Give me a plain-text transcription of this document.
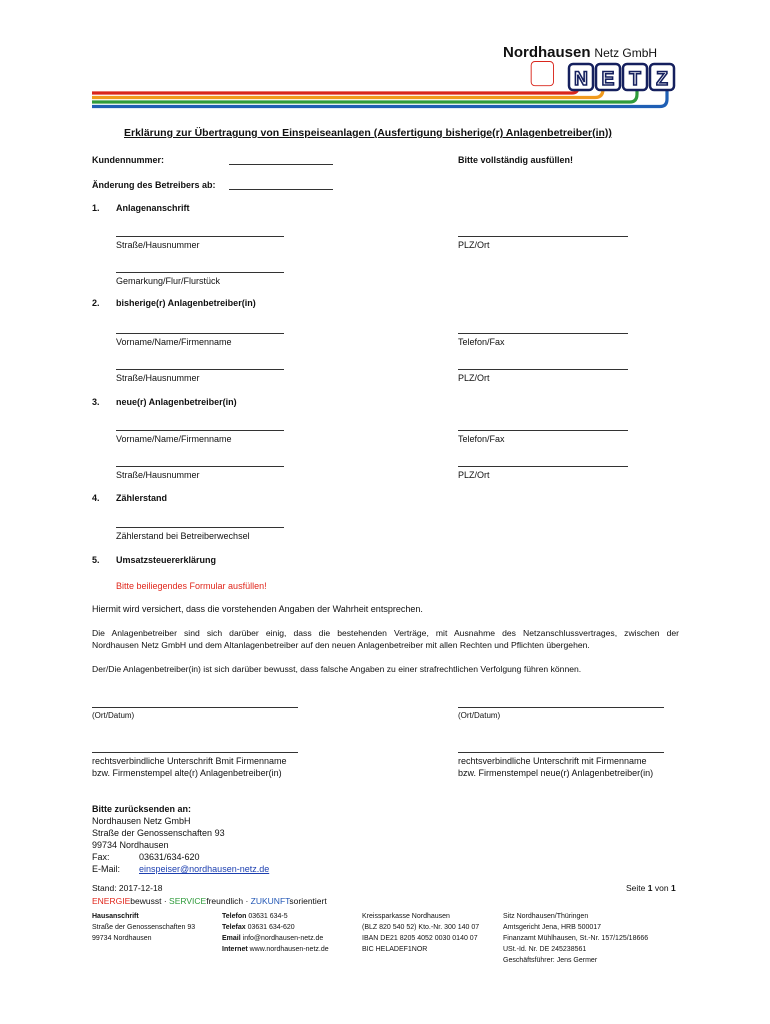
Nordhausen Netz GmbH
N E T Z
Erklärung zur Übertragung von Einspeiseanlagen (Ausfertigung bisherige(r) Anlagenbetreiber(in))
Kundennummer:	Bitte vollständig ausfüllen!
Änderung des Betreibers ab:
1. Anlagenanschrift
Straße/Hausnummer	PLZ/Ort
Gemarkung/Flur/Flurstück
2. bisherige(r) Anlagenbetreiber(in)
Vorname/Name/Firmenname	Telefon/Fax
Straße/Hausnummer	PLZ/Ort
3. neue(r) Anlagenbetreiber(in)
Vorname/Name/Firmenname	Telefon/Fax
Straße/Hausnummer	PLZ/Ort
4. Zählerstand
Zählerstand bei Betreiberwechsel
5. Umsatzsteuererklärung
Bitte beiliegendes Formular ausfüllen!
Hiermit wird versichert, dass die vorstehenden Angaben der Wahrheit entsprechen.
Die Anlagenbetreiber sind sich darüber einig, dass die bestehenden Verträge, mit Ausnahme des Netzanschlussvertrages, zwischen der
Nordhausen Netz GmbH und dem Altanlagenbetreiber auf den neuen Anlagenbetreiber mit allen Rechten und Pflichten übergehen.
Der/Die Anlagenbetreiber(in) ist sich darüber bewusst, dass falsche Angaben zu einer strafrechtlichen Verfolgung führen können.
(Ort/Datum)	(Ort/Datum)
rechtsverbindliche Unterschrift Bmit Firmenname
bzw. Firmenstempel alte(r) Anlagenbetreiber(in)
rechtsverbindliche Unterschrift mit Firmenname
bzw. Firmenstempel neue(r) Anlagenbetreiber(in)
Bitte zurücksenden an:
Nordhausen Netz GmbH
Straße der Genossenschaften 93
99734 Nordhausen
Fax:	03631/634-620
E-Mail: einspeiser@nordhausen-netz.de
Stand: 2017-12-18	Seite 1 von 1
ENERGIEbewusst · SERVICEfreundlich · ZUKUNFTsorientiert
Hausanschrift
Straße der Genossenschaften 93
99734 Nordhausen
Telefon 03631 634-5
Telefax 03631 634-620
Email info@nordhausen-netz.de
Internet www.nordhausen-netz.de
Kreissparkasse Nordhausen
(BLZ 820 540 52) Kto.-Nr. 300 140 07
IBAN DE21 8205 4052 0030 0140 07
BIC HELADEF1NOR
Sitz Nordhausen/Thüringen
Amtsgericht Jena, HRB 500017
Finanzamt Mühlhausen, St.-Nr. 157/125/18666
USt.-Id. Nr. DE 245238561
Geschäftsführer: Jens Germer
